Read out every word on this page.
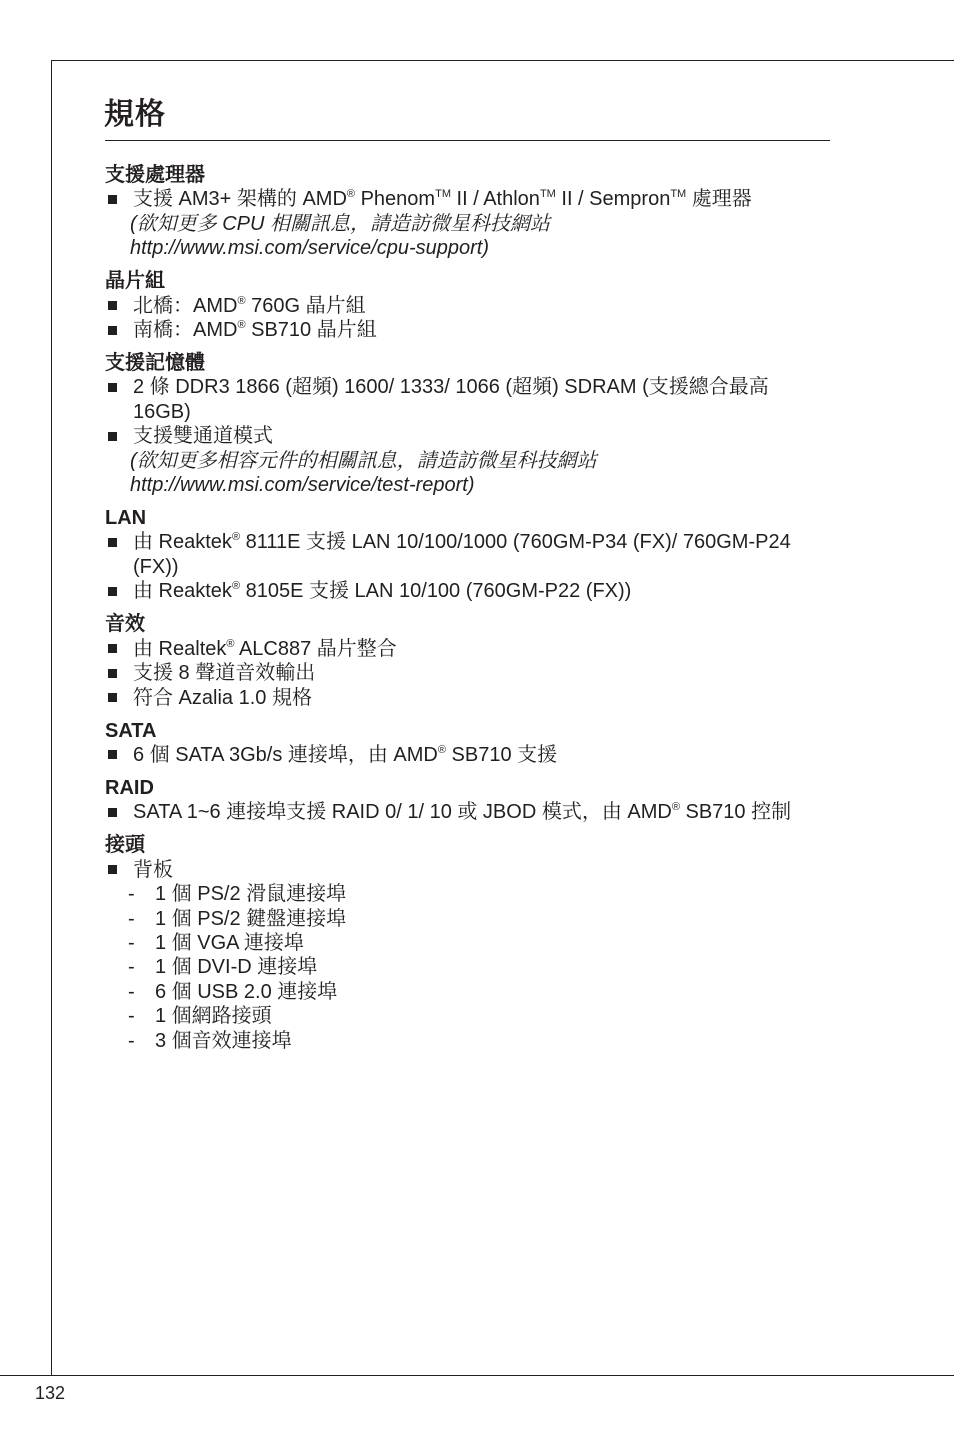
規格
支援處理器
支援 AM3+ 架構的 AMD® Phenom™ II / Athlon™ II / Sempron™ 處理器
(欲知更多 CPU 相關訊息，請造訪微星科技網站
http://www.msi.com/service/cpu-support)
晶片組
北橋：AMD® 760G 晶片組
南橋：AMD® SB710 晶片組
支援記憶體
2 條 DDR3 1866 (超頻) 1600/ 1333/ 1066 (超頻) SDRAM (支援總合最高
16GB)
支援雙通道模式
(欲知更多相容元件的相關訊息，請造訪微星科技網站
http://www.msi.com/service/test-report)
LAN
由 Reaktek® 8111E 支援 LAN 10/100/1000 (760GM-P34 (FX)/ 760GM-P24
(FX))
由 Reaktek® 8105E 支援 LAN 10/100 (760GM-P22 (FX))
音效
由 Realtek® ALC887 晶片整合
支援 8 聲道音效輸出
符合 Azalia 1.0 規格
SATA
6 個 SATA 3Gb/s 連接埠，由 AMD® SB710 支援
RAID
SATA 1~6 連接埠支援 RAID 0/ 1/ 10 或 JBOD 模式，由 AMD® SB710 控制
接頭
背板
- 1 個 PS/2 滑鼠連接埠
- 1 個 PS/2 鍵盤連接埠
- 1 個 VGA 連接埠
- 1 個 DVI-D 連接埠
- 6 個 USB 2.0 連接埠
- 1 個網路接頭
- 3 個音效連接埠
132
